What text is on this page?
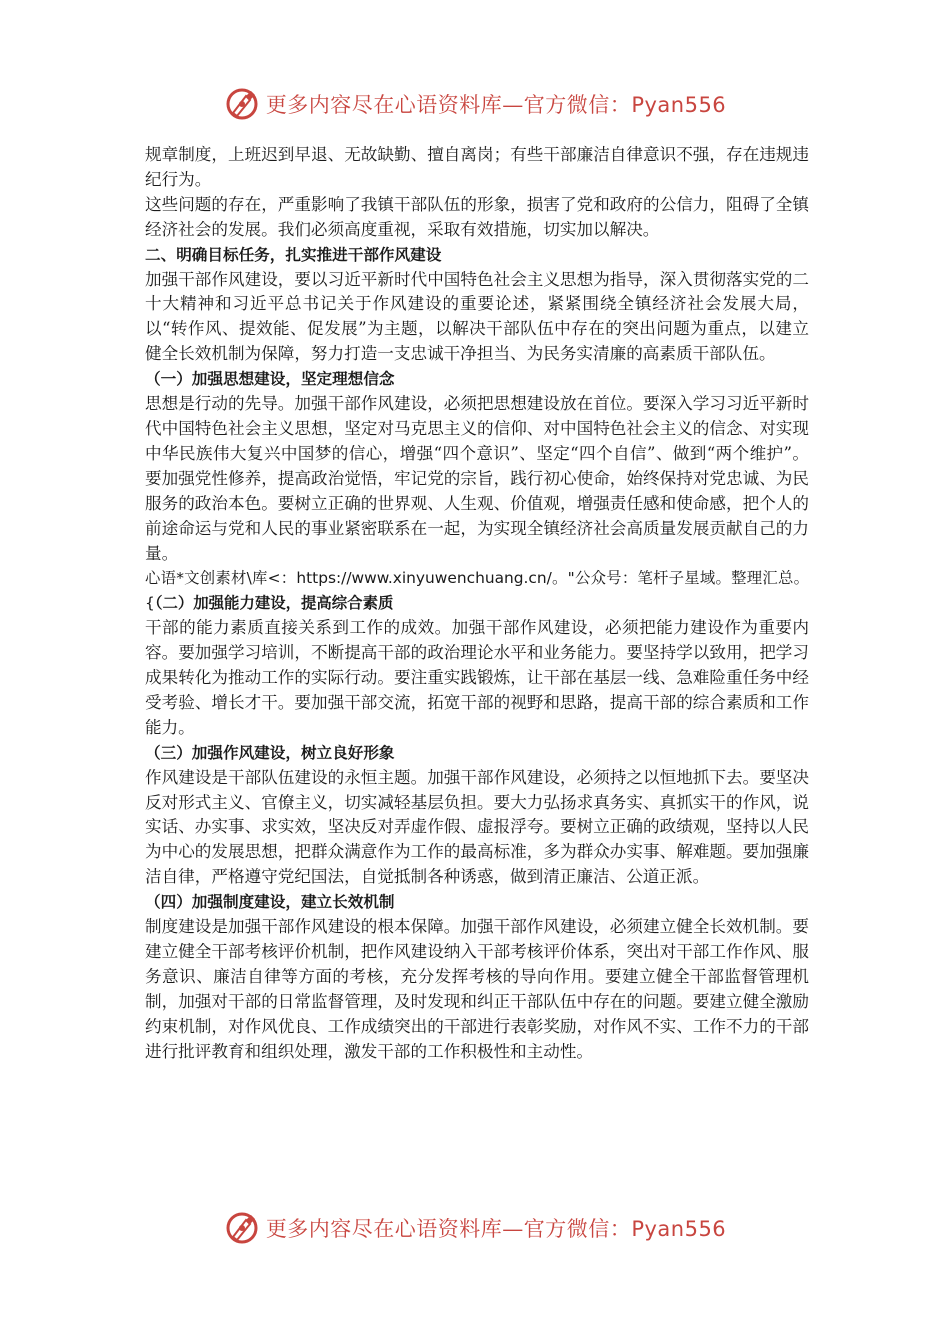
更多内容尽在心语资料库—官方微信：Pyan556

规章制度，上班迟到早退、无故缺勤、擅自离岗；有些干部廉洁自律意识不强，存在违规违纪行为。

这些问题的存在，严重影响了我镇干部队伍的形象，损害了党和政府的公信力，阻碍了全镇经济社会的发展。我们必须高度重视，采取有效措施，切实加以解决。

二、明确目标任务，扎实推进干部作风建设

加强干部作风建设，要以习近平新时代中国特色社会主义思想为指导，深入贯彻落实党的二十大精神和习近平总书记关于作风建设的重要论述，紧紧围绕全镇经济社会发展大局，以“转作风、提效能、促发展”为主题，以解决干部队伍中存在的突出问题为重点，以建立健全长效机制为保障，努力打造一支忠诚干净担当、为民务实清廉的高素质干部队伍。

（一）加强思想建设，坚定理想信念

思想是行动的先导。加强干部作风建设，必须把思想建设放在首位。要深入学习习近平新时代中国特色社会主义思想，坚定对马克思主义的信仰、对中国特色社会主义的信念、对实现中华民族伟大复兴中国梦的信心，增强“四个意识”、坚定“四个自信”、做到“两个维护”。要加强党性修养，提高政治觉悟，牢记党的宗旨，践行初心使命，始终保持对党忠诚、为民服务的政治本色。要树立正确的世界观、人生观、价值观，增强责任感和使命感，把个人的前途命运与党和人民的事业紧密联系在一起，为实现全镇经济社会高质量发展贡献自己的力量。

心语*文创素材\库<：https://www.xinyuwenchuang.cn/。"公众号：笔杆子星域。整理汇总。{（二）加强能力建设，提高综合素质

干部的能力素质直接关系到工作的成效。加强干部作风建设，必须把能力建设作为重要内容。要加强学习培训，不断提高干部的政治理论水平和业务能力。要坚持学以致用，把学习成果转化为推动工作的实际行动。要注重实践锻炼，让干部在基层一线、急难险重任务中经受考验、增长才干。要加强干部交流，拓宽干部的视野和思路，提高干部的综合素质和工作能力。

（三）加强作风建设，树立良好形象

作风建设是干部队伍建设的永恒主题。加强干部作风建设，必须持之以恒地抓下去。要坚决反对形式主义、官僚主义，切实减轻基层负担。要大力弘扬求真务实、真抓实干的作风，说实话、办实事、求实效，坚决反对弄虚作假、虚报浮夸。要树立正确的政绩观，坚持以人民为中心的发展思想，把群众满意作为工作的最高标准，多为群众办实事、解难题。要加强廉洁自律，严格遵守党纪国法，自觉抵制各种诱惑，做到清正廉洁、公道正派。

（四）加强制度建设，建立长效机制

制度建设是加强干部作风建设的根本保障。加强干部作风建设，必须建立健全长效机制。要建立健全干部考核评价机制，把作风建设纳入干部考核评价体系，突出对干部工作作风、服务意识、廉洁自律等方面的考核，充分发挥考核的导向作用。要建立健全干部监督管理机制，加强对干部的日常监督管理，及时发现和纠正干部队伍中存在的问题。要建立健全激励约束机制，对作风优良、工作成绩突出的干部进行表彰奖励，对作风不实、工作不力的干部进行批评教育和组织处理，激发干部的工作积极性和主动性。

更多内容尽在心语资料库—官方微信：Pyan556
